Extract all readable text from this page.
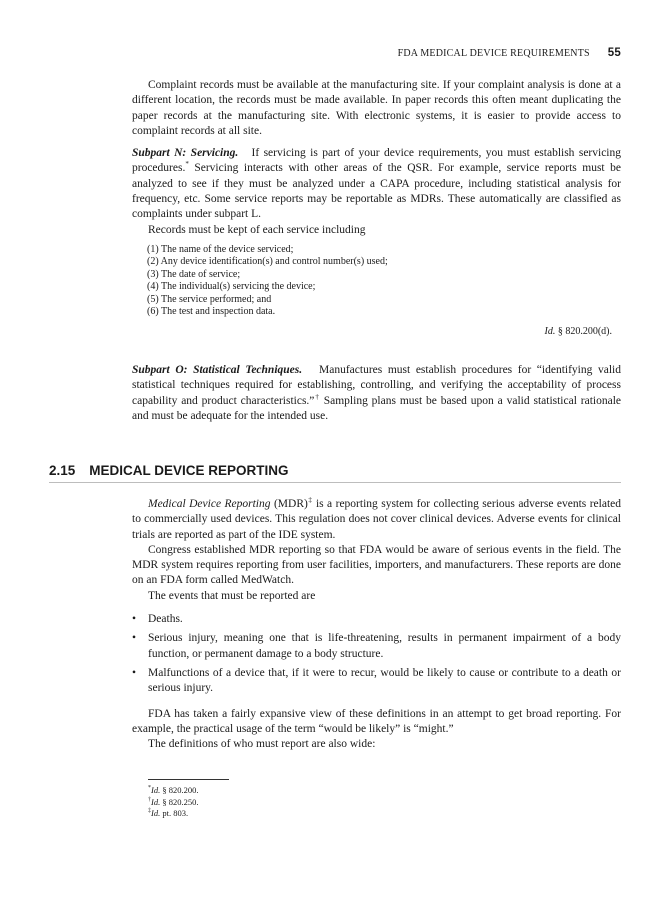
FDA MEDICAL DEVICE REQUIREMENTS 55

Complaint records must be available at the manufacturing site. If your complaint analysis is done at a different location, the records must be made available. In paper records this often meant duplicating the paper records at the manufacturing site. With electronic systems, it is easier to provide access to complaint records at all site.

Subpart N: Servicing. If servicing is part of your device requirements, you must establish servicing procedures.* Servicing interacts with other areas of the QSR. For example, service reports must be analyzed to see if they must be analyzed under a CAPA procedure, including statistical analysis for frequency, etc. Some service reports may be reportable as MDRs. These automatically are classified as complaints under subpart L.

Records must be kept of each service including

(1) The name of the device serviced;
(2) Any device identification(s) and control number(s) used;
(3) The date of service;
(4) The individual(s) servicing the device;
(5) The service performed; and
(6) The test and inspection data.
Id. § 820.200(d).

Subpart O: Statistical Techniques. Manufactures must establish procedures for “identifying valid statistical techniques required for establishing, controlling, and verifying the acceptability of process capability and product characteristics.”† Sampling plans must be based upon a valid statistical rationale and must be adequate for the intended use.

2.15 MEDICAL DEVICE REPORTING

Medical Device Reporting (MDR)‡ is a reporting system for collecting serious adverse events related to commercially used devices. This regulation does not cover clinical devices. Adverse events for clinical trials are reported as part of the IDE system.

Congress established MDR reporting so that FDA would be aware of serious events in the field. The MDR system requires reporting from user facilities, importers, and manufacturers. These reports are done on an FDA form called MedWatch.

The events that must be reported are

• Deaths.
• Serious injury, meaning one that is life-threatening, results in permanent impairment of a body function, or permanent damage to a body structure.
• Malfunctions of a device that, if it were to recur, would be likely to cause or contribute to a death or serious injury.

FDA has taken a fairly expansive view of these definitions in an attempt to get broad reporting. For example, the practical usage of the term “would be likely” is “might.”

The definitions of who must report are also wide:

*Id. § 820.200.
†Id. § 820.250.
‡Id. pt. 803.
